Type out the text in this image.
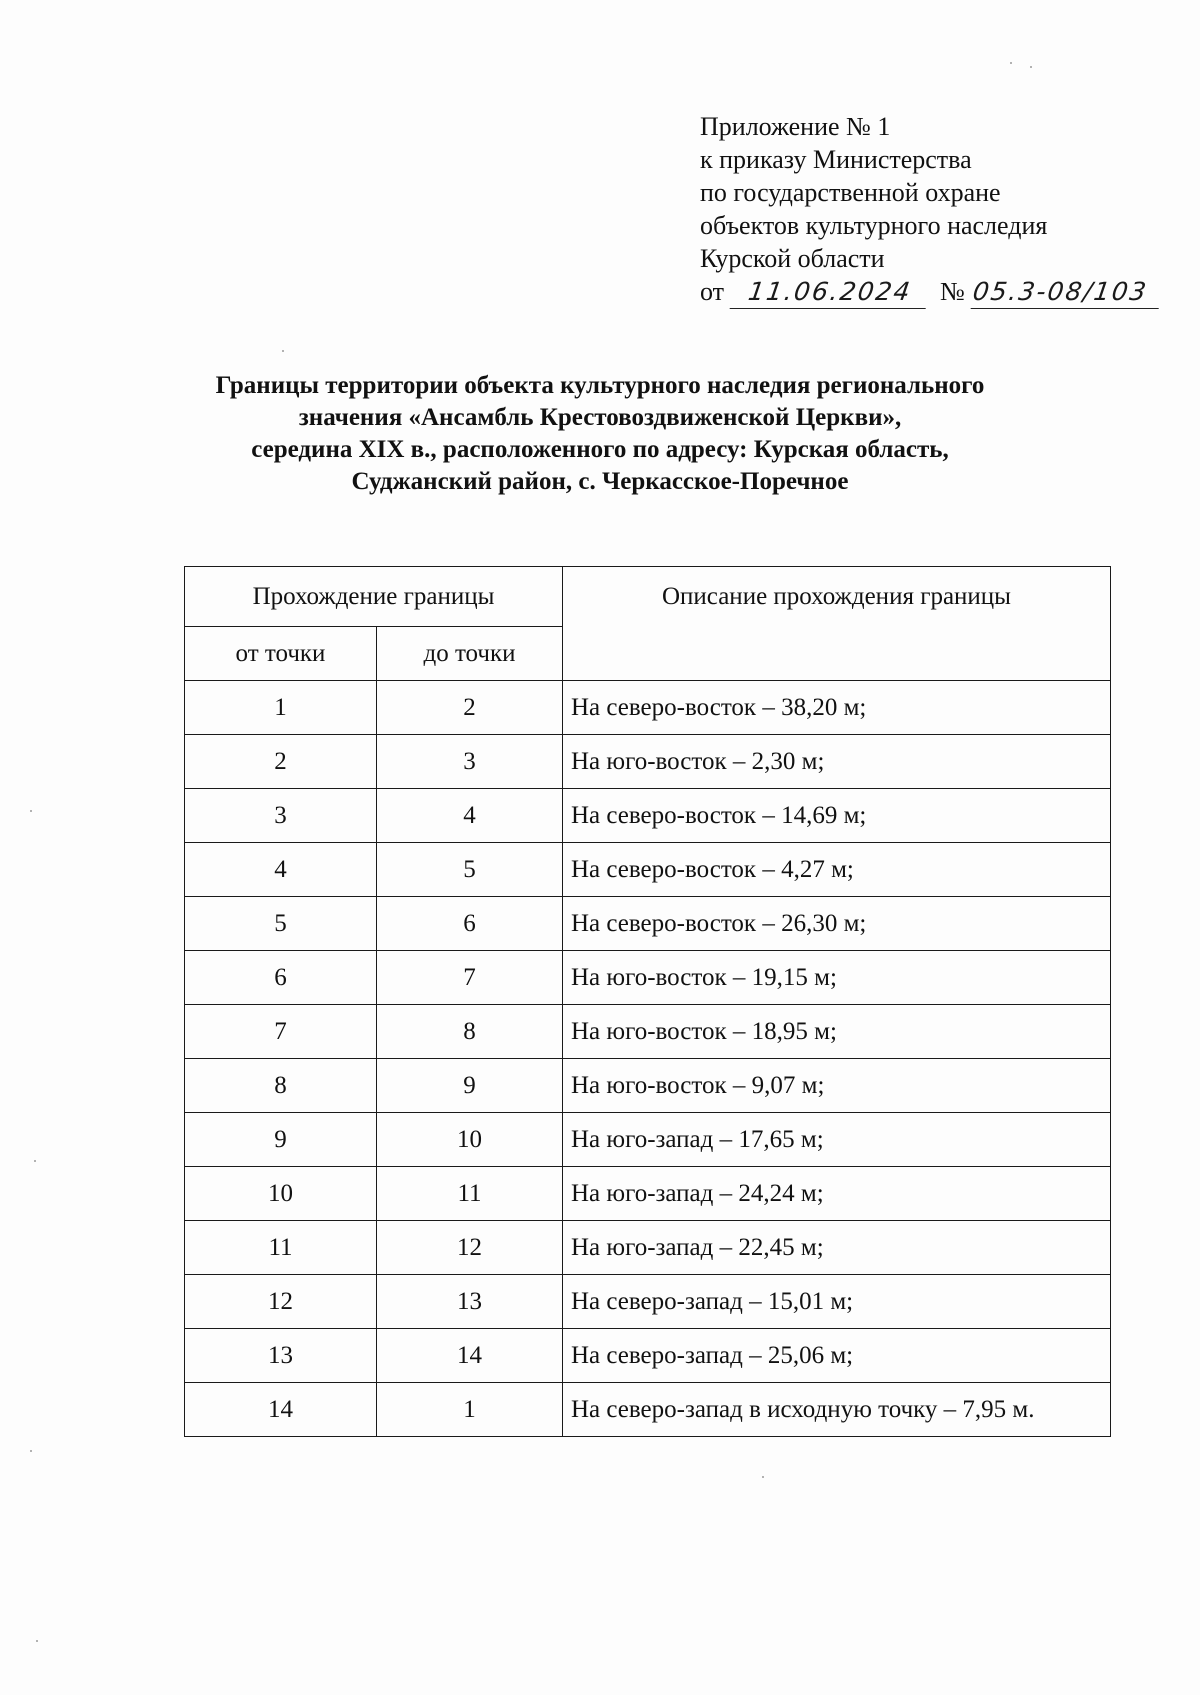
Приложение № 1
к приказу Министерства
по государственной охране
объектов культурного наследия
Курской области
от 11.06.2024	№ 05.3-08/103
Границы территории объекта культурного наследия регионального
значения «Ансамбль Крестовоздвиженской Церкви»,
середина XIX в., расположенного по адресу: Курская область,
Суджанский район, с. Черкасское-Поречное
Прохождение границы		Описание прохождения границы
от точки	до точки	
1	2	На северо-восток – 38,20 м;
2	3	На юго-восток – 2,30 м;
3	4	На северо-восток – 14,69 м;
4	5	На северо-восток – 4,27 м;
5	6	На северо-восток – 26,30 м;
6	7	На юго-восток – 19,15 м;
7	8	На юго-восток – 18,95 м;
8	9	На юго-восток – 9,07 м;
9	10	На юго-запад – 17,65 м;
10	11	На юго-запад – 24,24 м;
11	12	На юго-запад – 22,45 м;
12	13	На северо-запад – 15,01 м;
13	14	На северо-запад – 25,06 м;
14	1	На северо-запад в исходную точку – 7,95 м.
